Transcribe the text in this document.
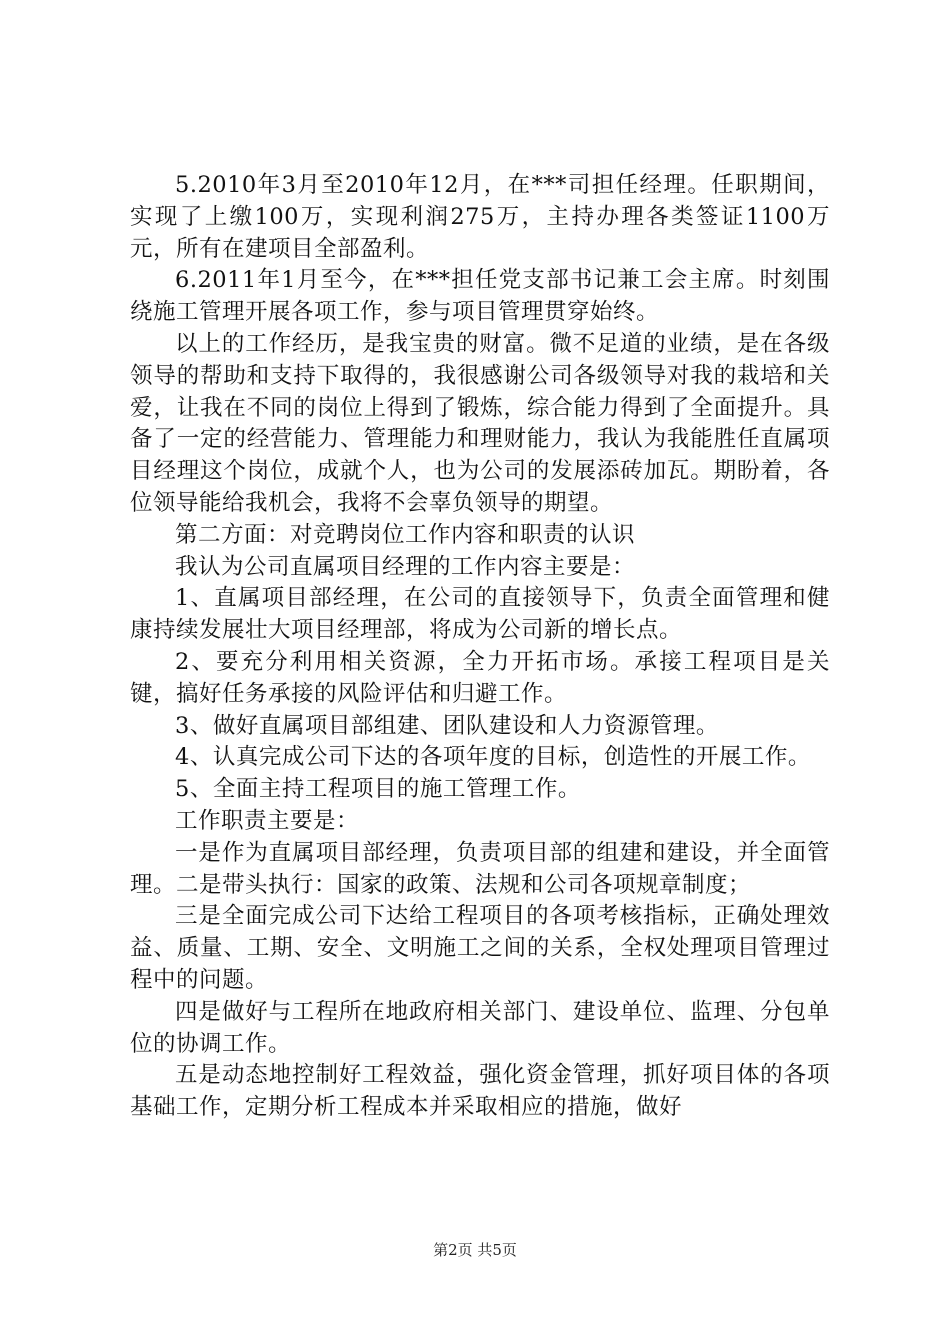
5.2010年3月至2010年12月，在***司担任经理。任职期间，实现了上缴100万，实现利润275万，主持办理各类签证1100万元，所有在建项目全部盈利。

6.2011年1月至今，在***担任党支部书记兼工会主席。时刻围绕施工管理开展各项工作，参与项目管理贯穿始终。

以上的工作经历，是我宝贵的财富。微不足道的业绩，是在各级领导的帮助和支持下取得的，我很感谢公司各级领导对我的栽培和关爱，让我在不同的岗位上得到了锻炼，综合能力得到了全面提升。具备了一定的经营能力、管理能力和理财能力，我认为我能胜任直属项目经理这个岗位，成就个人，也为公司的发展添砖加瓦。期盼着，各位领导能给我机会，我将不会辜负领导的期望。

第二方面：对竞聘岗位工作内容和职责的认识

我认为公司直属项目经理的工作内容主要是：

1、直属项目部经理，在公司的直接领导下，负责全面管理和健康持续发展壮大项目经理部，将成为公司新的增长点。

2、要充分利用相关资源，全力开拓市场。承接工程项目是关键，搞好任务承接的风险评估和归避工作。

3、做好直属项目部组建、团队建设和人力资源管理。

4、认真完成公司下达的各项年度的目标，创造性的开展工作。

5、全面主持工程项目的施工管理工作。

工作职责主要是：

一是作为直属项目部经理，负责项目部的组建和建设，并全面管理。二是带头执行：国家的政策、法规和公司各项规章制度；

三是全面完成公司下达给工程项目的各项考核指标，正确处理效益、质量、工期、安全、文明施工之间的关系，全权处理项目管理过程中的问题。

四是做好与工程所在地政府相关部门、建设单位、监理、分包单位的协调工作。

五是动态地控制好工程效益，强化资金管理，抓好项目体的各项基础工作，定期分析工程成本并采取相应的措施，做好

第2页 共5页
